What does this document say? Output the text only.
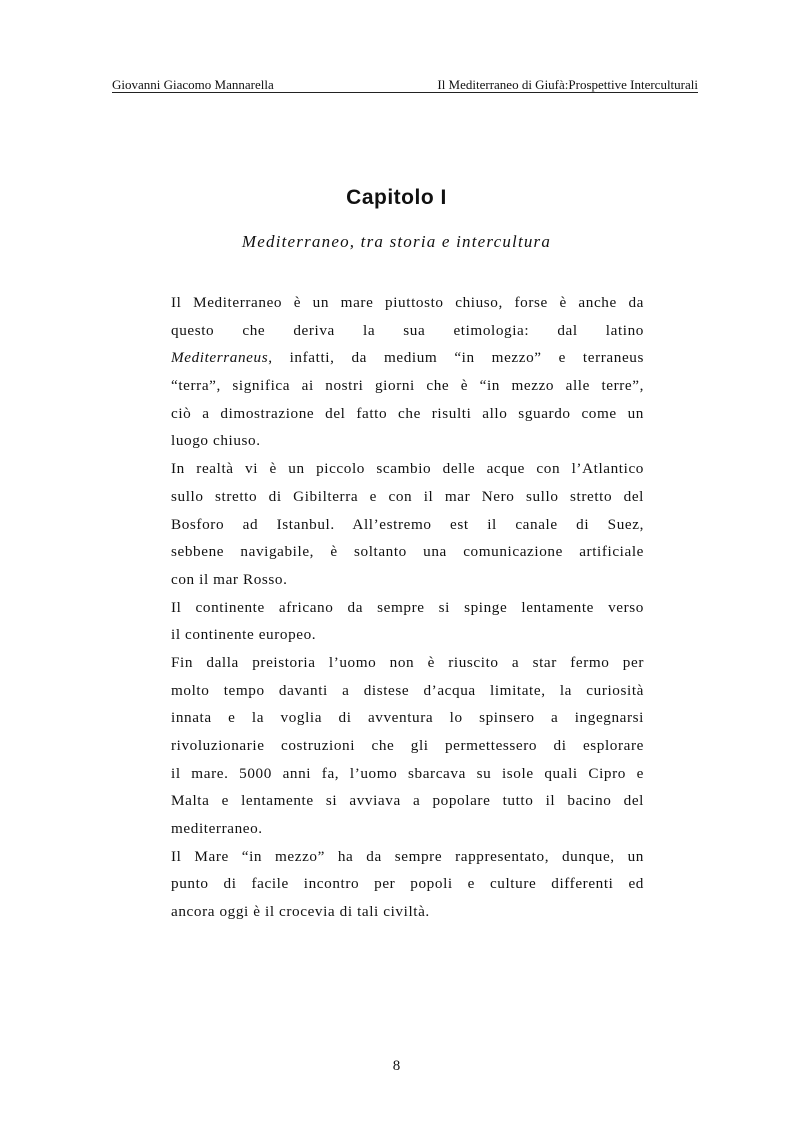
Giovanni Giacomo Mannarella	Il Mediterraneo di Giufà:Prospettive Interculturali
Capitolo I
Mediterraneo, tra storia e intercultura
Il Mediterraneo è un mare piuttosto chiuso, forse è anche da
questo che deriva la sua etimologia: dal latino
Mediterraneus, infatti, da medium “in mezzo” e terraneus
“terra”, significa ai nostri giorni che è “in mezzo alle terre”,
ciò a dimostrazione del fatto che risulti allo sguardo come un
luogo chiuso.
In realtà vi è un piccolo scambio delle acque con l’Atlantico
sullo stretto di Gibilterra e con il mar Nero sullo stretto del
Bosforo ad Istanbul. All’estremo est il canale di Suez,
sebbene navigabile, è soltanto una comunicazione artificiale
con il mar Rosso.
Il continente africano da sempre si spinge lentamente verso
il continente europeo.
Fin dalla preistoria l’uomo non è riuscito a star fermo per
molto tempo davanti a distese d’acqua limitate, la curiosità
innata e la voglia di avventura lo spinsero a ingegnarsi
rivoluzionarie costruzioni che gli permettessero di esplorare
il mare. 5000 anni fa, l’uomo sbarcava su isole quali Cipro e
Malta e lentamente si avviava a popolare tutto il bacino del
mediterraneo.
Il Mare “in mezzo” ha da sempre rappresentato, dunque, un
punto di facile incontro per popoli e culture differenti ed
ancora oggi è il crocevia di tali civiltà.
8
